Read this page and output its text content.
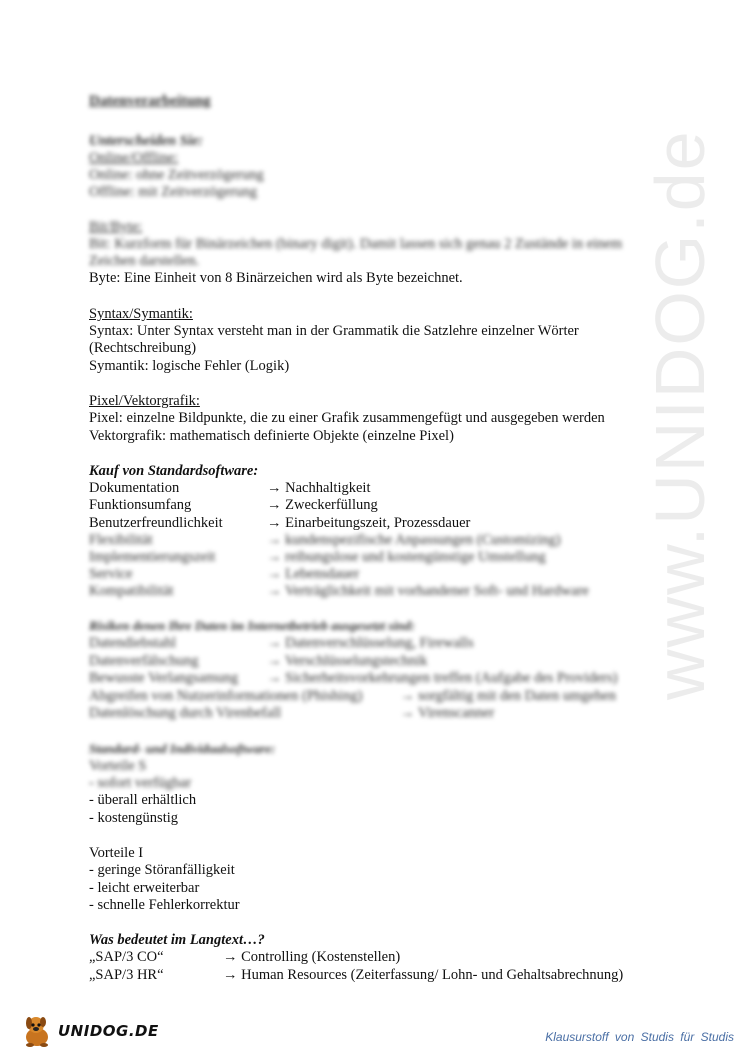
www.UNIDOG.de
Datenverarbeitung
Unterscheiden Sie:
Online/Offline:
Online: ohne Zeitverzögerung
Offline: mit Zeitverzögerung
Bit/Byte:
Bit: Kurzform für Binärzeichen (binary digit). Damit lassen sich genau 2 Zustände in einem
Zeichen darstellen.
Byte: Eine Einheit von 8 Binärzeichen wird als Byte bezeichnet.
Syntax/Symantik:
Syntax: Unter Syntax versteht man in der Grammatik die Satzlehre einzelner Wörter
(Rechtschreibung)
Symantik: logische Fehler (Logik)
Pixel/Vektorgrafik:
Pixel: einzelne Bildpunkte, die zu einer Grafik zusammengefügt und ausgegeben werden
Vektorgrafik: mathematisch definierte Objekte (einzelne Pixel)
Kauf von Standardsoftware:
Dokumentation	→ Nachhaltigkeit
Funktionsumfang	→ Zweckerfüllung
Benutzerfreundlichkeit	→ Einarbeitungszeit, Prozessdauer
Flexibilität	→ kundenspezifische Anpassungen (Customizing)
Implementierungszeit	→ reibungslose und kostengünstige Umstellung
Service	→ Lebensdauer
Kompatibilität	→ Verträglichkeit mit vorhandener Soft- und Hardware
Risiken denen Ihre Daten im Internetbetrieb ausgesetzt sind:
Datendiebstahl	→ Datenverschlüsselung, Firewalls
Datenverfälschung	→ Verschlüsselungstechnik
Bewusste Verlangsamung → Sicherheitsvorkehrungen treffen (Aufgabe des Providers)
Abgreifen von Nutzerinformationen (Phishing)	→ sorgfältig mit den Daten umgehen
Datenlöschung durch Virenbefall	→ Virenscanner
Standard- und Individualsoftware:
Vorteile S
- sofort verfügbar
- überall erhältlich
- kostengünstig
Vorteile I
- geringe Störanfälligkeit
- leicht erweiterbar
- schnelle Fehlerkorrektur
Was bedeutet im Langtext…?
„SAP/3 CO“	→ Controlling (Kostenstellen)
„SAP/3 HR“	→ Human Resources (Zeiterfassung/ Lohn- und Gehaltsabrechnung)
UNIDOG.DE	Klausurstoff von Studis für Studis
